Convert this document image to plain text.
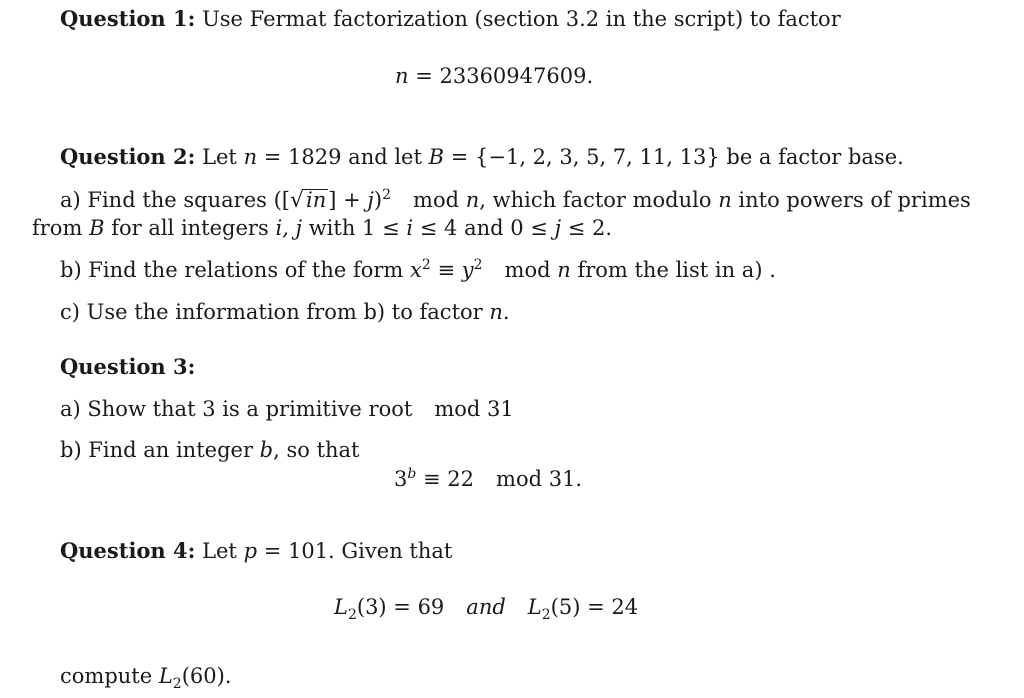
Question 1: Use Fermat factorization (section 3.2 in the script) to factor
n = 23360947609.
Question 2: Let n = 1829 and let B = {−1, 2, 3, 5, 7, 11, 13} be a factor base.
a) Find the squares $([√in] + j)^2$ mod n, which factor modulo n into powers of primes
from B for all integers i, j with 1 ≤ i ≤ 4 and 0 ≤ j ≤ 2.
b) Find the relations of the form $x^2 \equiv y^2$ mod n from the list in a) .
c) Use the information from b) to factor n.
Question 3:
a) Show that 3 is a primitive root mod 31
b) Find an integer b, so that
$3^b \equiv 22$ mod 31.
Question 4: Let p = 101. Given that
$L_2(3) = 69$ and $L_2(5) = 24$
compute $L_2(60)$.
